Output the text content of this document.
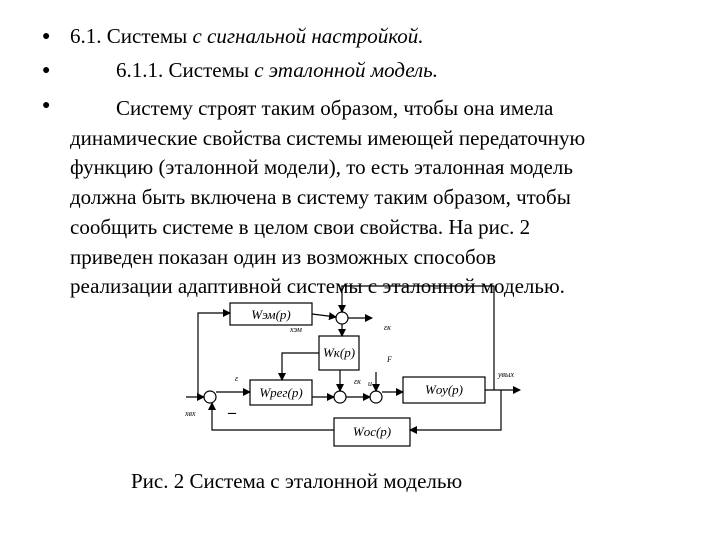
● 6.1. Системы с сигнальной настройкой.
●	6.1.1. Системы с эталонной модель.
●	Систему строят таким образом, чтобы она имела
динамические свойства системы имеющей передаточную
функцию (эталонной модели), то есть эталонная модель
должна быть включена в систему таким образом, чтобы
сообщить системе в целом свои свойства. На рис. 2
приведен показан один из возможных способов
реализации адаптивной системы с эталонной моделью.
Wэм(p)
Wк(p)
Wрег(p)	Wоу(p)
Wос(p)
xэм	εк
F
ε	εк u
xвх
yвых
–
Рис. 2 Система с эталонной моделью
